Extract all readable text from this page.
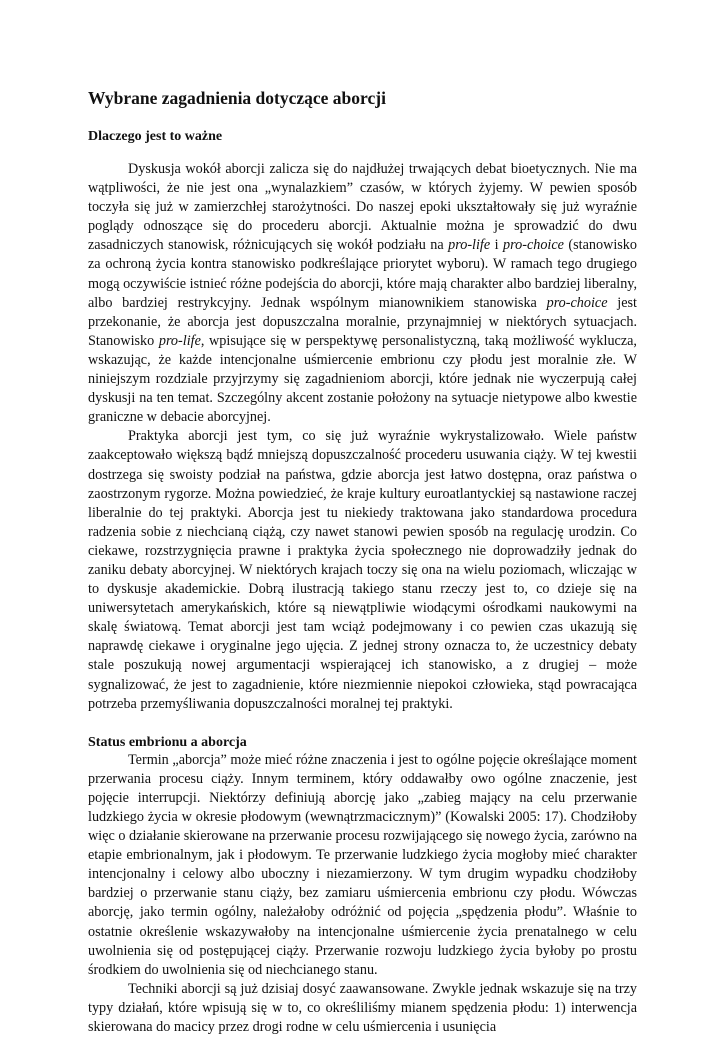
Wybrane zagadnienia dotyczące aborcji
Dlaczego jest to ważne

Dyskusja wokół aborcji zalicza się do najdłużej trwających debat bioetycznych. Nie ma wątpliwości, że nie jest ona „wynalazkiem” czasów, w których żyjemy. W pewien sposób toczyła się już w zamierzchłej starożytności. Do naszej epoki ukształtowały się już wyraźnie poglądy odnoszące się do procederu aborcji. Aktualnie można je sprowadzić do dwu zasadniczych stanowisk, różnicujących się wokół podziału na pro-life i pro-choice (stanowisko za ochroną życia kontra stanowisko podkreślające priorytet wyboru). W ramach tego drugiego mogą oczywiście istnieć różne podejścia do aborcji, które mają charakter albo bardziej liberalny, albo bardziej restrykcyjny. Jednak wspólnym mianownikiem stanowiska pro-choice jest przekonanie, że aborcja jest dopuszczalna moralnie, przynajmniej w niektórych sytuacjach. Stanowisko pro-life, wpisujące się w perspektywę personalistyczną, taką możliwość wyklucza, wskazując, że każde intencjonalne uśmiercenie embrionu czy płodu jest moralnie złe. W niniejszym rozdziale przyjrzymy się zagadnieniom aborcji, które jednak nie wyczerpują całej dyskusji na ten temat. Szczególny akcent zostanie położony na sytuacje nietypowe albo kwestie graniczne w debacie aborcyjnej.

Praktyka aborcji jest tym, co się już wyraźnie wykrystalizowało. Wiele państw zaakceptowało większą bądź mniejszą dopuszczalność procederu usuwania ciąży. W tej kwestii dostrzega się swoisty podział na państwa, gdzie aborcja jest łatwo dostępna, oraz państwa o zaostrzonym rygorze. Można powiedzieć, że kraje kultury euroatlantyckiej są nastawione raczej liberalnie do tej praktyki. Aborcja jest tu niekiedy traktowana jako standardowa procedura radzenia sobie z niechcianą ciążą, czy nawet stanowi pewien sposób na regulację urodzin. Co ciekawe, rozstrzygnięcia prawne i praktyka życia społecznego nie doprowadziły jednak do zaniku debaty aborcyjnej. W niektórych krajach toczy się ona na wielu poziomach, wliczając w to dyskusje akademickie. Dobrą ilustracją takiego stanu rzeczy jest to, co dzieje się na uniwersytetach amerykańskich, które są niewątpliwie wiodącymi ośrodkami naukowymi na skalę światową. Temat aborcji jest tam wciąż podejmowany i co pewien czas ukazują się naprawdę ciekawe i oryginalne jego ujęcia. Z jednej strony oznacza to, że uczestnicy debaty stale poszukują nowej argumentacji wspierającej ich stanowisko, a z drugiej – może sygnalizować, że jest to zagadnienie, które niezmiennie niepokoi człowieka, stąd powracająca potrzeba przemyśliwania dopuszczalności moralnej tej praktyki.

Status embrionu a aborcja

Termin „aborcja” może mieć różne znaczenia i jest to ogólne pojęcie określające moment przerwania procesu ciąży. Innym terminem, który oddawałby owo ogólne znaczenie, jest pojęcie interrupcji. Niektórzy definiują aborcję jako „zabieg mający na celu przerwanie ludzkiego życia w okresie płodowym (wewnątrzmacicznym)” (Kowalski 2005: 17). Chodziłoby więc o działanie skierowane na przerwanie procesu rozwijającego się nowego życia, zarówno na etapie embrionalnym, jak i płodowym. Te przerwanie ludzkiego życia mogłoby mieć charakter intencjonalny i celowy albo uboczny i niezamierzony. W tym drugim wypadku chodziłoby bardziej o przerwanie stanu ciąży, bez zamiaru uśmiercenia embrionu czy płodu. Wówczas aborcję, jako termin ogólny, należałoby odróżnić od pojęcia „spędzenia płodu”. Właśnie to ostatnie określenie wskazywałoby na intencjonalne uśmiercenie życia prenatalnego w celu uwolnienia się od postępującej ciąży. Przerwanie rozwoju ludzkiego życia byłoby po prostu środkiem do uwolnienia się od niechcianego stanu.

Techniki aborcji są już dzisiaj dosyć zaawansowane. Zwykle jednak wskazuje się na trzy typy działań, które wpisują się w to, co określiliśmy mianem spędzenia płodu: 1) interwencja skierowana do macicy przez drogi rodne w celu uśmiercenia i usunięcia
